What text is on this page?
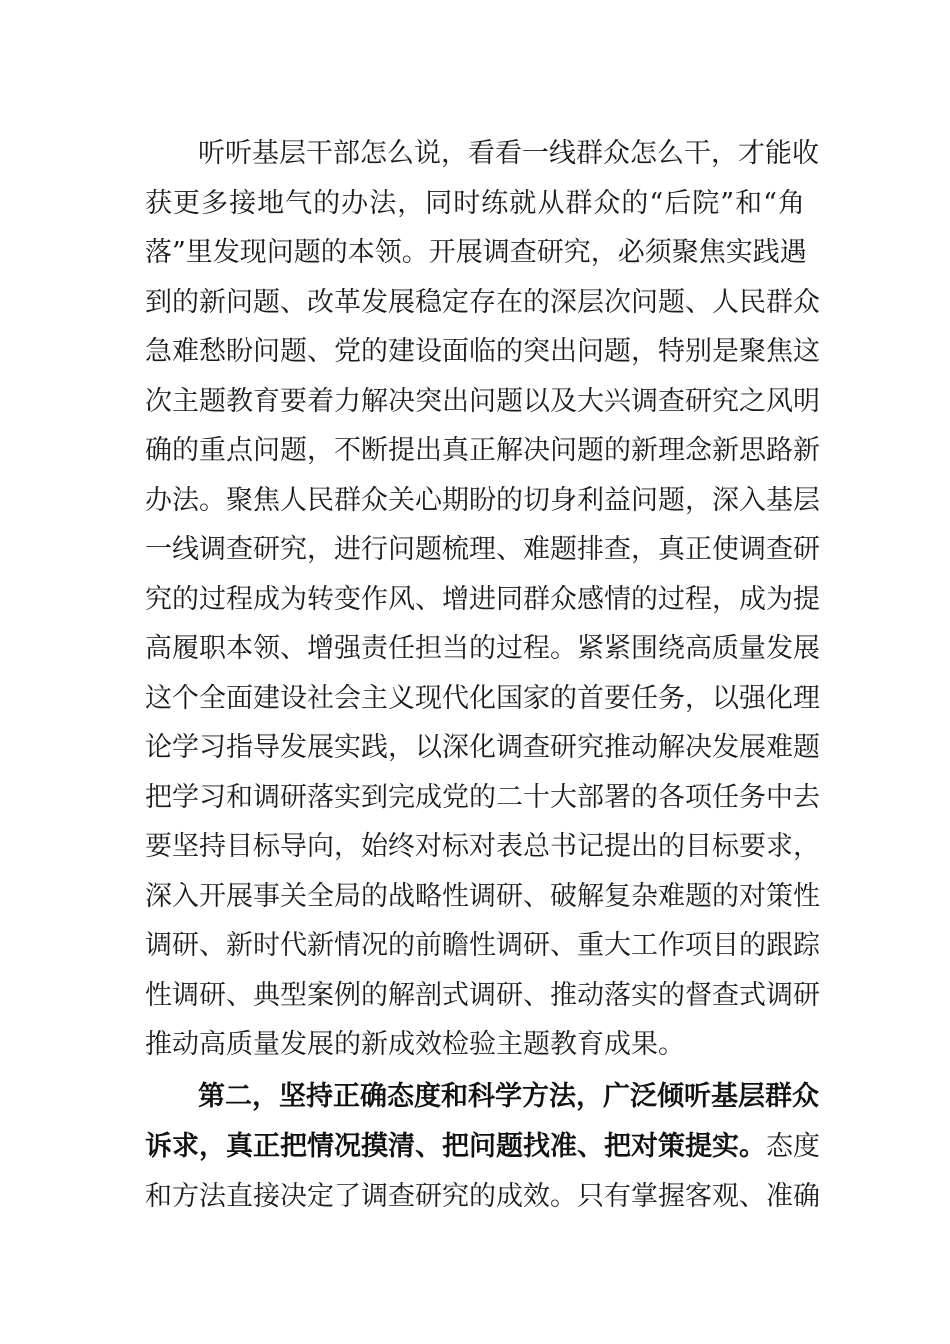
听听基层干部怎么说，看看一线群众怎么干，才能收
获更多接地气的办法，同时练就从群众的“后院”和“角
落”里发现问题的本领。开展调查研究，必须聚焦实践遇
到的新问题、改革发展稳定存在的深层次问题、人民群众
急难愁盼问题、党的建设面临的突出问题，特别是聚焦这
次主题教育要着力解决突出问题以及大兴调查研究之风明
确的重点问题，不断提出真正解决问题的新理念新思路新
办法。聚焦人民群众关心期盼的切身利益问题，深入基层
一线调查研究，进行问题梳理、难题排查，真正使调查研
究的过程成为转变作风、增进同群众感情的过程，成为提
高履职本领、增强责任担当的过程。紧紧围绕高质量发展
这个全面建设社会主义现代化国家的首要任务，以强化理
论学习指导发展实践，以深化调查研究推动解决发展难题
把学习和调研落实到完成党的二十大部署的各项任务中去
要坚持目标导向，始终对标对表总书记提出的目标要求，
深入开展事关全局的战略性调研、破解复杂难题的对策性
调研、新时代新情况的前瞻性调研、重大工作项目的跟踪
性调研、典型案例的解剖式调研、推动落实的督查式调研
推动高质量发展的新成效检验主题教育成果。
第二，坚持正确态度和科学方法，广泛倾听基层群众
诉求，真正把情况摸清、把问题找准、把对策提实。态度
和方法直接决定了调查研究的成效。只有掌握客观、准确
